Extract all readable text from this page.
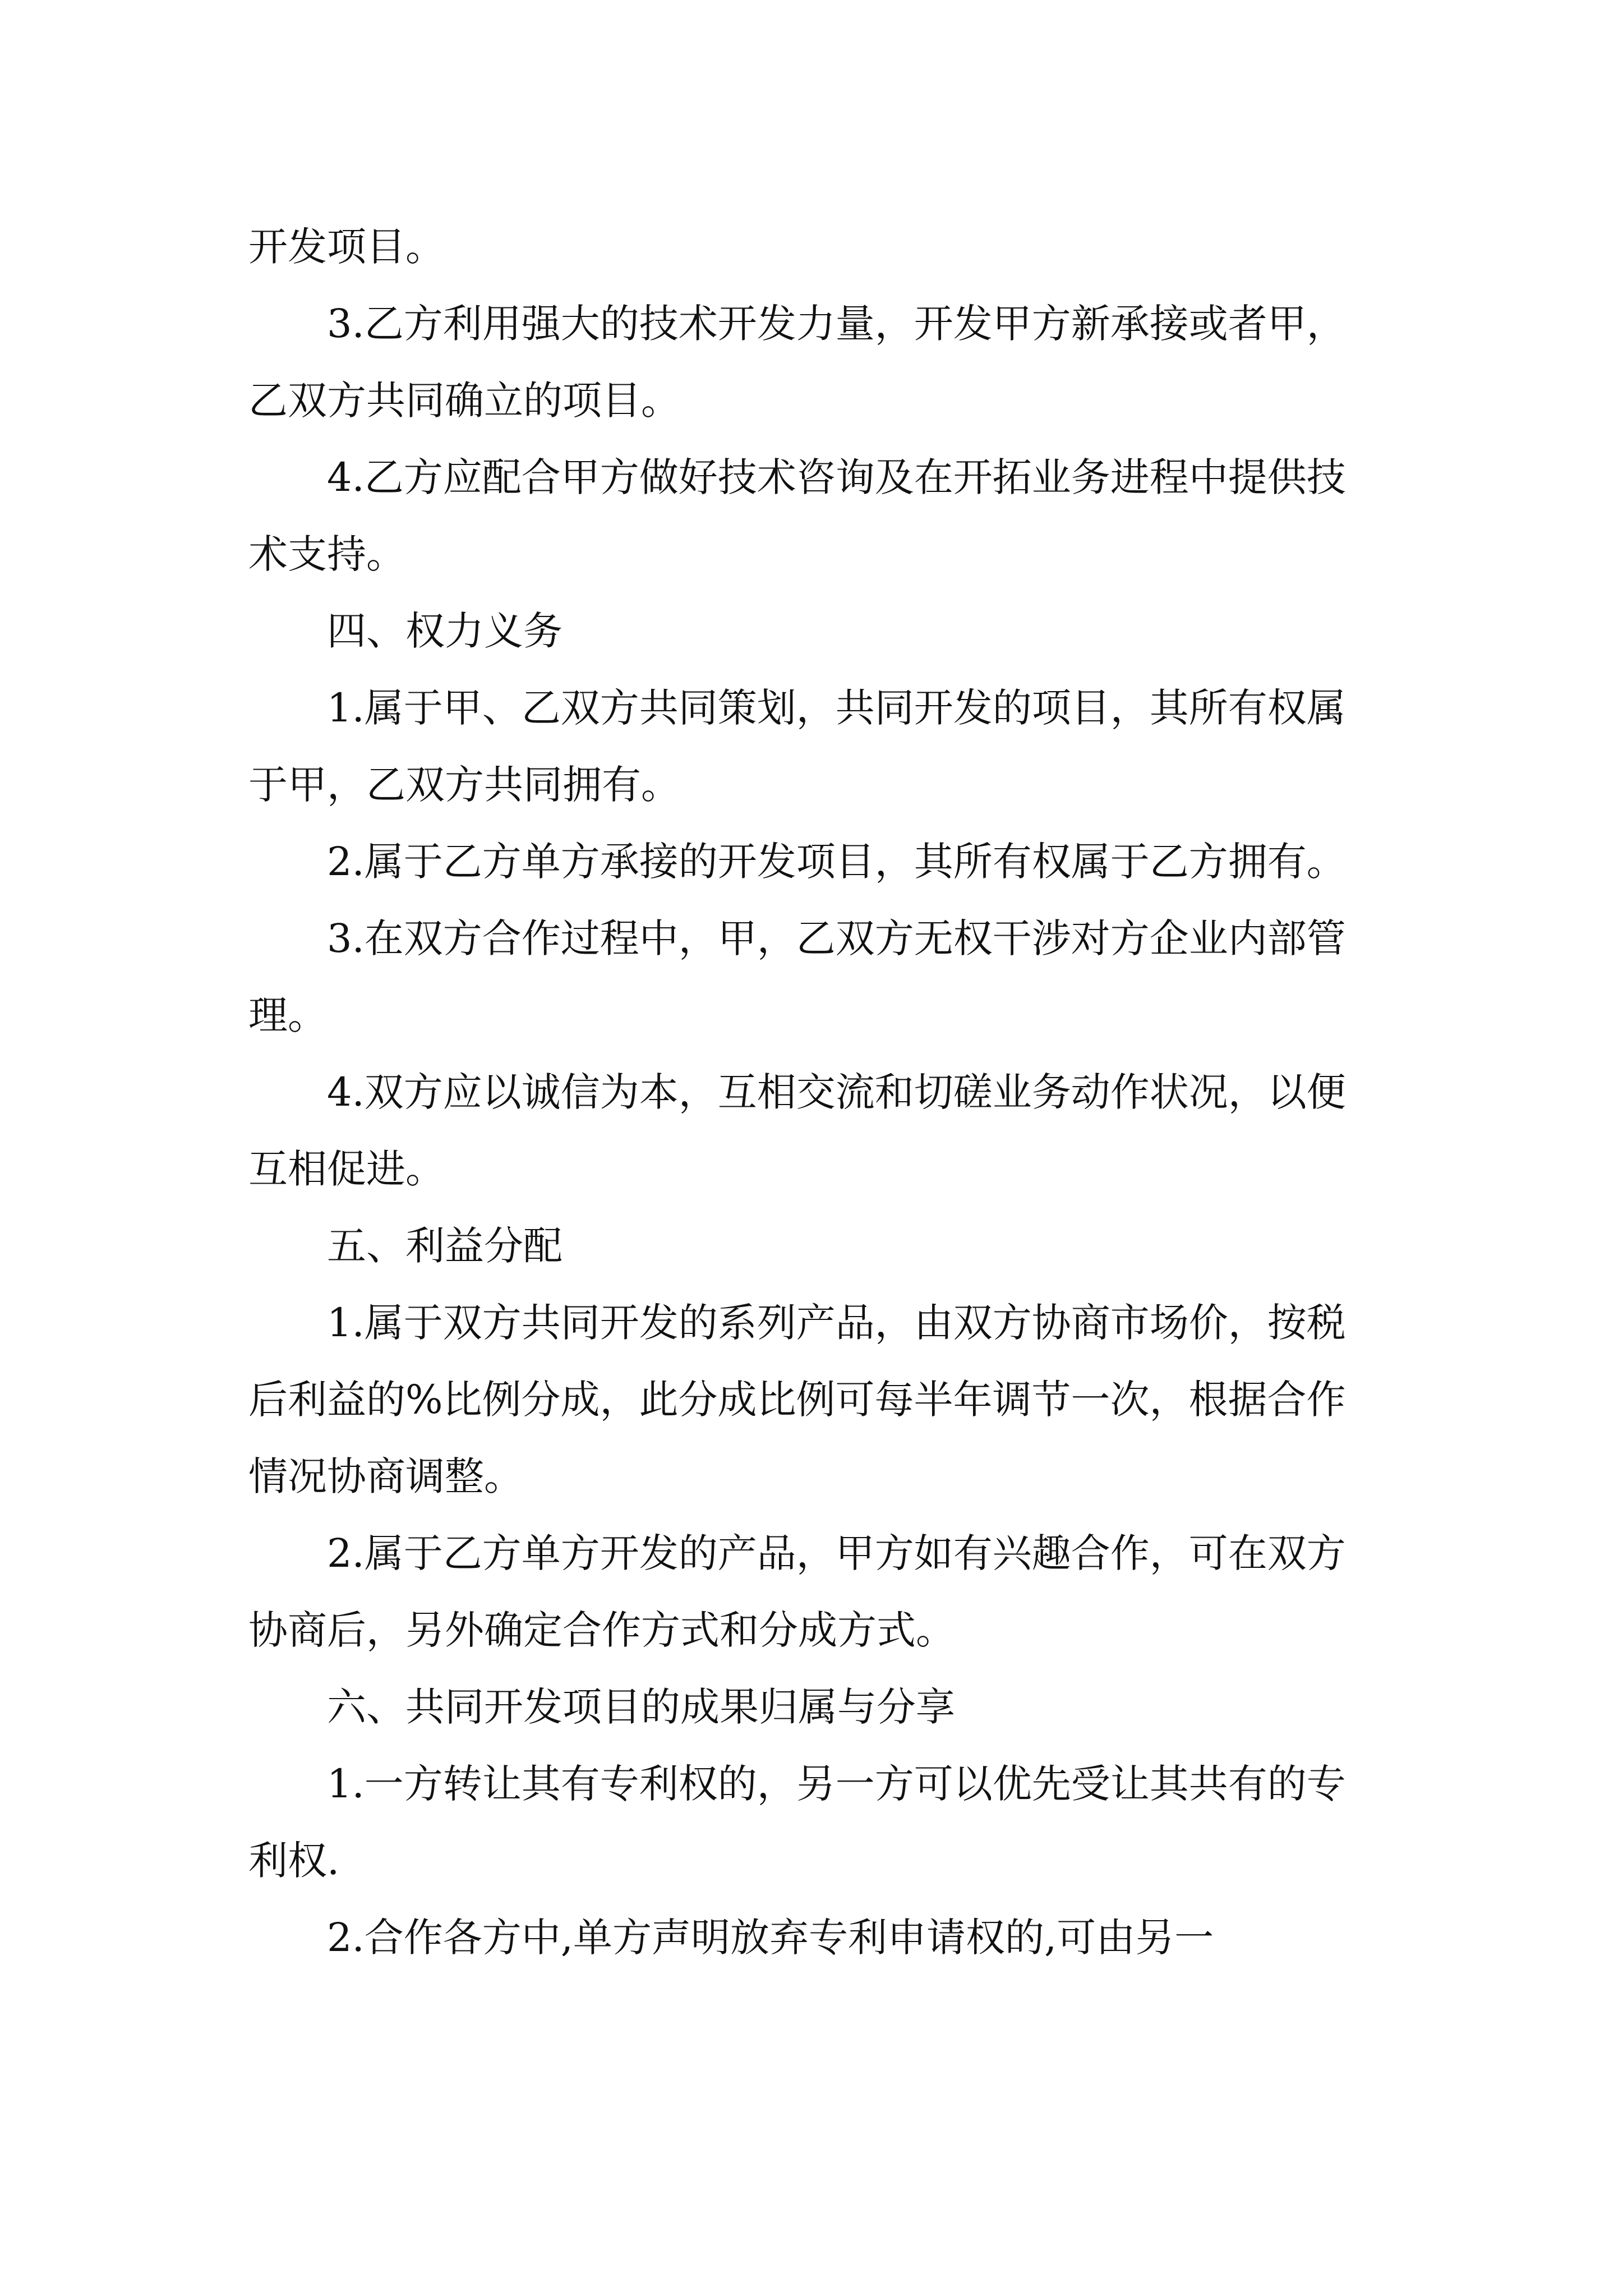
开发项目。

3.乙方利用强大的技术开发力量，开发甲方新承接或者甲，乙双方共同确立的项目。

4.乙方应配合甲方做好技术咨询及在开拓业务进程中提供技术支持。

四、权力义务

1.属于甲、乙双方共同策划，共同开发的项目，其所有权属于甲，乙双方共同拥有。

2.属于乙方单方承接的开发项目，其所有权属于乙方拥有。

3.在双方合作过程中，甲，乙双方无权干涉对方企业内部管理。

4.双方应以诚信为本，互相交流和切磋业务动作状况，以便互相促进。

五、利益分配

1.属于双方共同开发的系列产品，由双方协商市场价，按税后利益的%比例分成，此分成比例可每半年调节一次，根据合作情况协商调整。

2.属于乙方单方开发的产品，甲方如有兴趣合作，可在双方协商后，另外确定合作方式和分成方式。

六、共同开发项目的成果归属与分享

1.一方转让其有专利权的，另一方可以优先受让其共有的专利权.

2.合作各方中,单方声明放弃专利申请权的,可由另一
